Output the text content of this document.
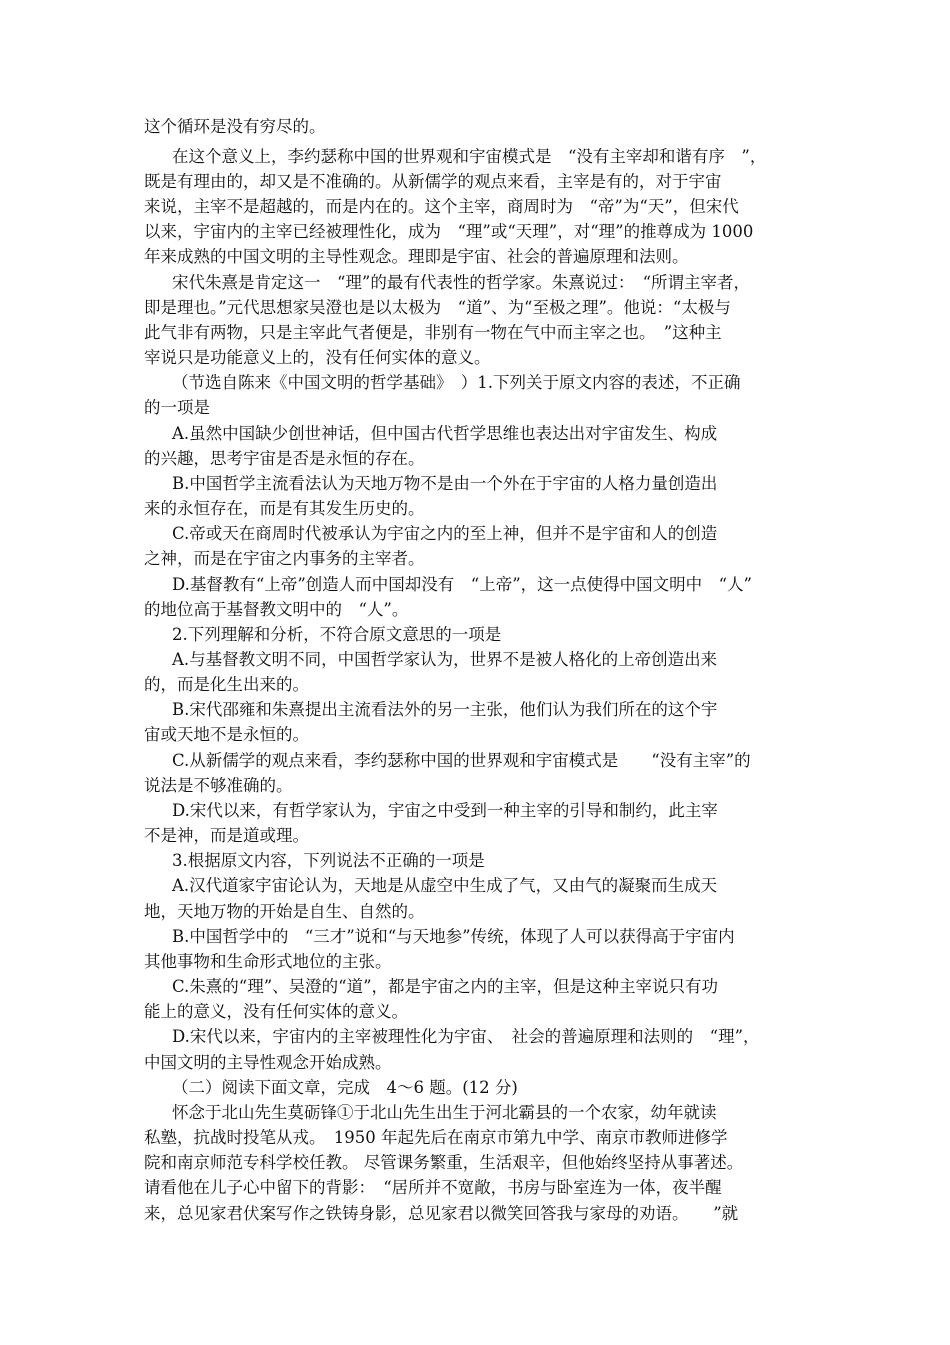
这个循环是没有穷尽的。
在这个意义上，李约瑟称中国的世界观和宇宙模式是　“没有主宰却和谐有序　”，
既是有理由的，却又是不准确的。从新儒学的观点来看，主宰是有的，对于宇宙
来说，主宰不是超越的，而是内在的。这个主宰，商周时为　“帝”为“天”，但宋代
以来，宇宙内的主宰已经被理性化，成为　“理”或“天理”，对“理”的推尊成为 1000
年来成熟的中国文明的主导性观念。理即是宇宙、社会的普遍原理和法则。
宋代朱熹是肯定这一　“理”的最有代表性的哲学家。朱熹说过：　“所谓主宰者，
即是理也。”元代思想家吴澄也是以太极为　“道”、为“至极之理”。他说：“太极与
此气非有两物，只是主宰此气者便是，非别有一物在气中而主宰之也。　”这种主
宰说只是功能意义上的，没有任何实体的意义。
（节选自陈来《中国文明的哲学基础》　）1.下列关于原文内容的表述，不正确
的一项是
A.虽然中国缺少创世神话，但中国古代哲学思维也表达出对宇宙发生、构成
的兴趣，思考宇宙是否是永恒的存在。
B.中国哲学主流看法认为天地万物不是由一个外在于宇宙的人格力量创造出
来的永恒存在，而是有其发生历史的。
C.帝或天在商周时代被承认为宇宙之内的至上神，但并不是宇宙和人的创造
之神，而是在宇宙之内事务的主宰者。
D.基督教有“上帝”创造人而中国却没有　“上帝”，这一点使得中国文明中　“人”
的地位高于基督教文明中的　“人”。
2.下列理解和分析，不符合原文意思的一项是
A.与基督教文明不同，中国哲学家认为，世界不是被人格化的上帝创造出来
的，而是化生出来的。
B.宋代邵雍和朱熹提出主流看法外的另一主张，他们认为我们所在的这个宇
宙或天地不是永恒的。
C.从新儒学的观点来看，李约瑟称中国的世界观和宇宙模式是　　“没有主宰”的
说法是不够准确的。
D.宋代以来，有哲学家认为，宇宙之中受到一种主宰的引导和制约，此主宰
不是神，而是道或理。
3.根据原文内容，下列说法不正确的一项是
A.汉代道家宇宙论认为，天地是从虚空中生成了气，又由气的凝聚而生成天
地，天地万物的开始是自生、自然的。
B.中国哲学中的　“三才”说和“与天地参”传统，体现了人可以获得高于宇宙内
其他事物和生命形式地位的主张。
C.朱熹的“理”、吴澄的“道”，都是宇宙之内的主宰，但是这种主宰说只有功
能上的意义，没有任何实体的意义。
D.宋代以来，宇宙内的主宰被理性化为宇宙、　社会的普遍原理和法则的　“理”，
中国文明的主导性观念开始成熟。
（二）阅读下面文章，完成　4～6 题。(12 分)
怀念于北山先生莫砺锋①于北山先生出生于河北霸县的一个农家，幼年就读
私塾，抗战时投笔从戎。　1950 年起先后在南京市第九中学、南京市教师进修学
院和南京师范专科学校任教。 尽管课务繁重，生活艰辛，但他始终坚持从事著述。
请看他在儿子心中留下的背影：　“居所并不宽敞，书房与卧室连为一体，夜半醒
来，总见家君伏案写作之铁铸身影，总见家君以微笑回答我与家母的劝语。　　”就
